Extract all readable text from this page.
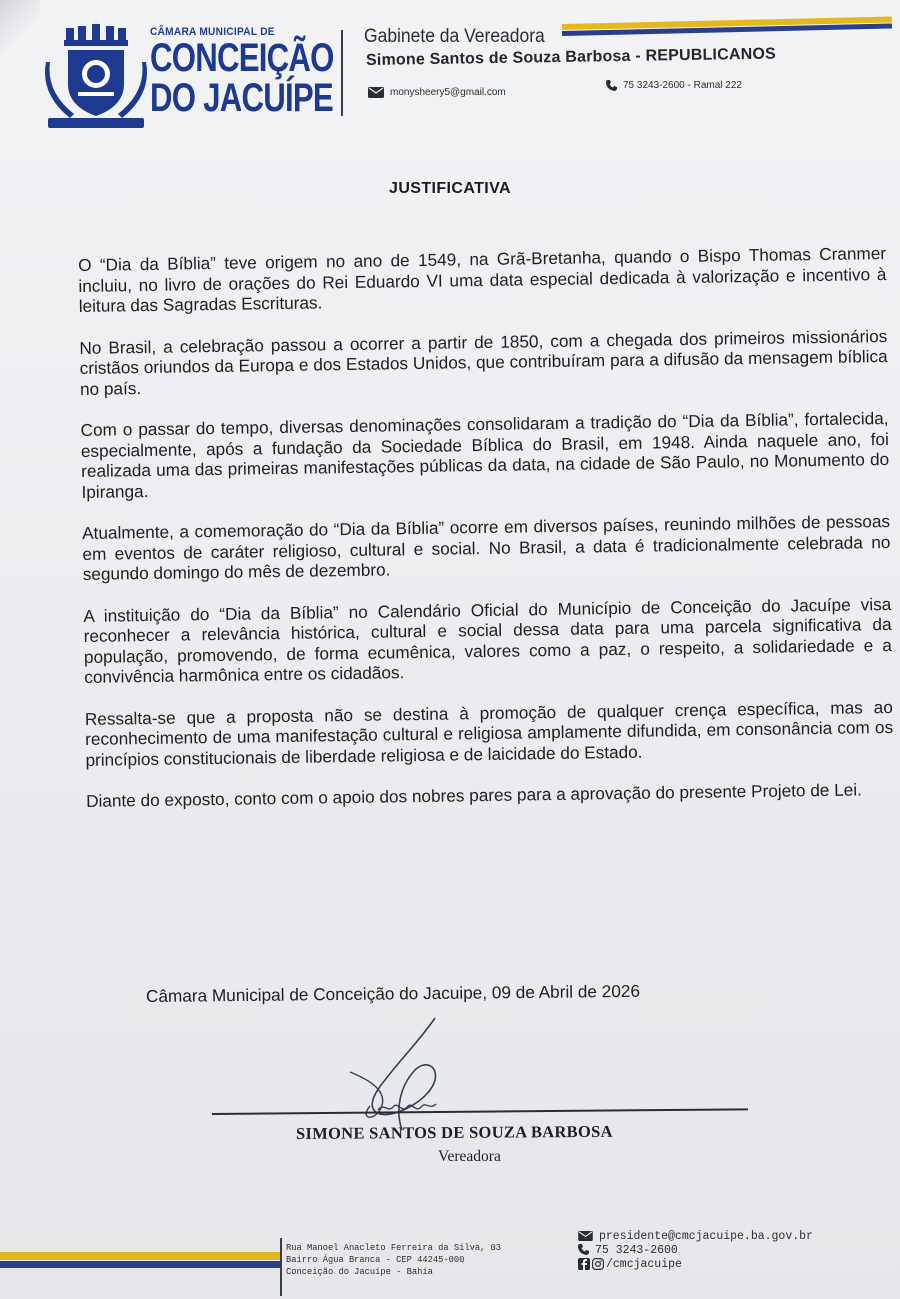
CÂMARA MUNICIPAL DE
CONCEIÇÃO
DO JACUÍPE
Gabinete da Vereadora
Simone Santos de Souza Barbosa - REPUBLICANOS
monysheery5@gmail.com
75 3243-2600 - Ramal 222
JUSTIFICATIVA

O “Dia da Bíblia” teve origem no ano de 1549, na Grã-Bretanha, quando o Bispo Thomas Cranmer incluiu, no livro de orações do Rei Eduardo VI uma data especial dedicada à valorização e incentivo à leitura das Sagradas Escrituras.

No Brasil, a celebração passou a ocorrer a partir de 1850, com a chegada dos primeiros missionários cristãos oriundos da Europa e dos Estados Unidos, que contribuíram para a difusão da mensagem bíblica no país.

Com o passar do tempo, diversas denominações consolidaram a tradição do “Dia da Bíblia”, fortalecida, especialmente, após a fundação da Sociedade Bíblica do Brasil, em 1948. Ainda naquele ano, foi realizada uma das primeiras manifestações públicas da data, na cidade de São Paulo, no Monumento do Ipiranga.

Atualmente, a comemoração do “Dia da Bíblia” ocorre em diversos países, reunindo milhões de pessoas em eventos de caráter religioso, cultural e social. No Brasil, a data é tradicionalmente celebrada no segundo domingo do mês de dezembro.

A instituição do “Dia da Bíblia” no Calendário Oficial do Município de Conceição do Jacuípe visa reconhecer a relevância histórica, cultural e social dessa data para uma parcela significativa da população, promovendo, de forma ecumênica, valores como a paz, o respeito, a solidariedade e a convivência harmônica entre os cidadãos.

Ressalta-se que a proposta não se destina à promoção de qualquer crença específica, mas ao reconhecimento de uma manifestação cultural e religiosa amplamente difundida, em consonância com os princípios constitucionais de liberdade religiosa e de laicidade do Estado.

Diante do exposto, conto com o apoio dos nobres pares para a aprovação do presente Projeto de Lei.

Câmara Municipal de Conceição do Jacuipe, 09 de Abril de 2026
SIMONE SANTOS DE SOUZA BARBOSA
Vereadora
Rua Manoel Anacleto Ferreira da Silva, 03
Bairro Água Branca - CEP 44245-000
Conceição do Jacuípe - Bahia
presidente@cmcjacuipe.ba.gov.br
75 3243-2600
/cmcjacuipe
